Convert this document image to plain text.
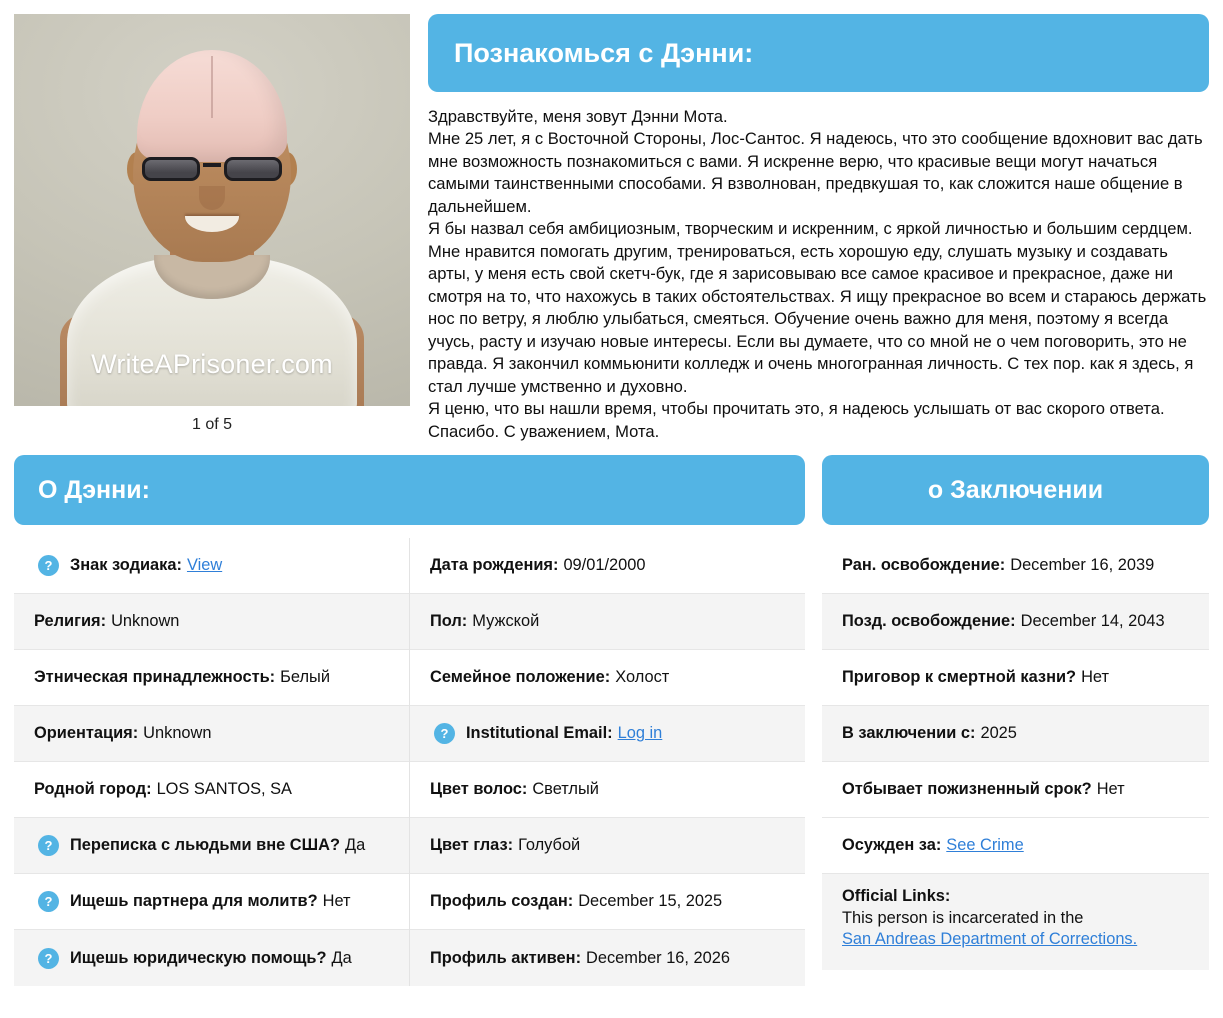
WriteAPrisoner.com
1 of 5
Познакомься с Дэнни:

Здравствуйте, меня зовут Дэнни Мота.

Мне 25 лет, я с Восточной Стороны, Лос-Сантос. Я надеюсь, что это сообщение вдохновит вас дать мне возможность познакомиться с вами. Я искренне верю, что красивые вещи могут начаться самыми таинственными способами. Я взволнован, предвкушая то, как сложится наше общение в дальнейшем.

Я бы назвал себя амбициозным, творческим и искренним, с яркой личностью и большим сердцем. Мне нравится помогать другим, тренироваться, есть хорошую еду, слушать музыку и создавать арты, у меня есть свой скетч-бук, где я зарисовываю все самое красивое и прекрасное, даже ни смотря на то, что нахожусь в таких обстоятельствах. Я ищу прекрасное во всем и стараюсь держать нос по ветру, я люблю улыбаться, смеяться. Обучение очень важно для меня, поэтому я всегда учусь, расту и изучаю новые интересы. Если вы думаете, что со мной не о чем поговорить, это не правда. Я закончил коммьюнити колледж и очень многогранная личность. С тех пор. как я здесь, я стал лучше умственно и духовно.

Я ценю, что вы нашли время, чтобы прочитать это, я надеюсь услышать от вас скорого ответа. Спасибо. С уважением, Мота.

О Дэнни:	о Заключении
?	Знак зодиака: View
Религия: Unknown
Этническая принадлежность: Белый
Ориентация: Unknown
Родной город: LOS SANTOS, SA
?	Переписка с льюдьми вне США? Да
?	Ищешь партнера для молитв? Нет
?	Ищешь юридическую помощь? Да
Дата рождения: 09/01/2000
Пол: Мужской
Семейное положение: Холост
?	Institutional Email: Log in
Цвет волос: Светлый
Цвет глаз: Голубой
Профиль создан: December 15, 2025
Профиль активен: December 16, 2026
Ран. освобождение: December 16, 2039
Позд. освобождение: December 14, 2043
Приговор к смертной казни? Нет
В заключении с: 2025
Отбывает пожизненный срок? Нет
Осужден за: See Crime
Official Links:
This person is incarcerated in the
San Andreas Department of Corrections.
